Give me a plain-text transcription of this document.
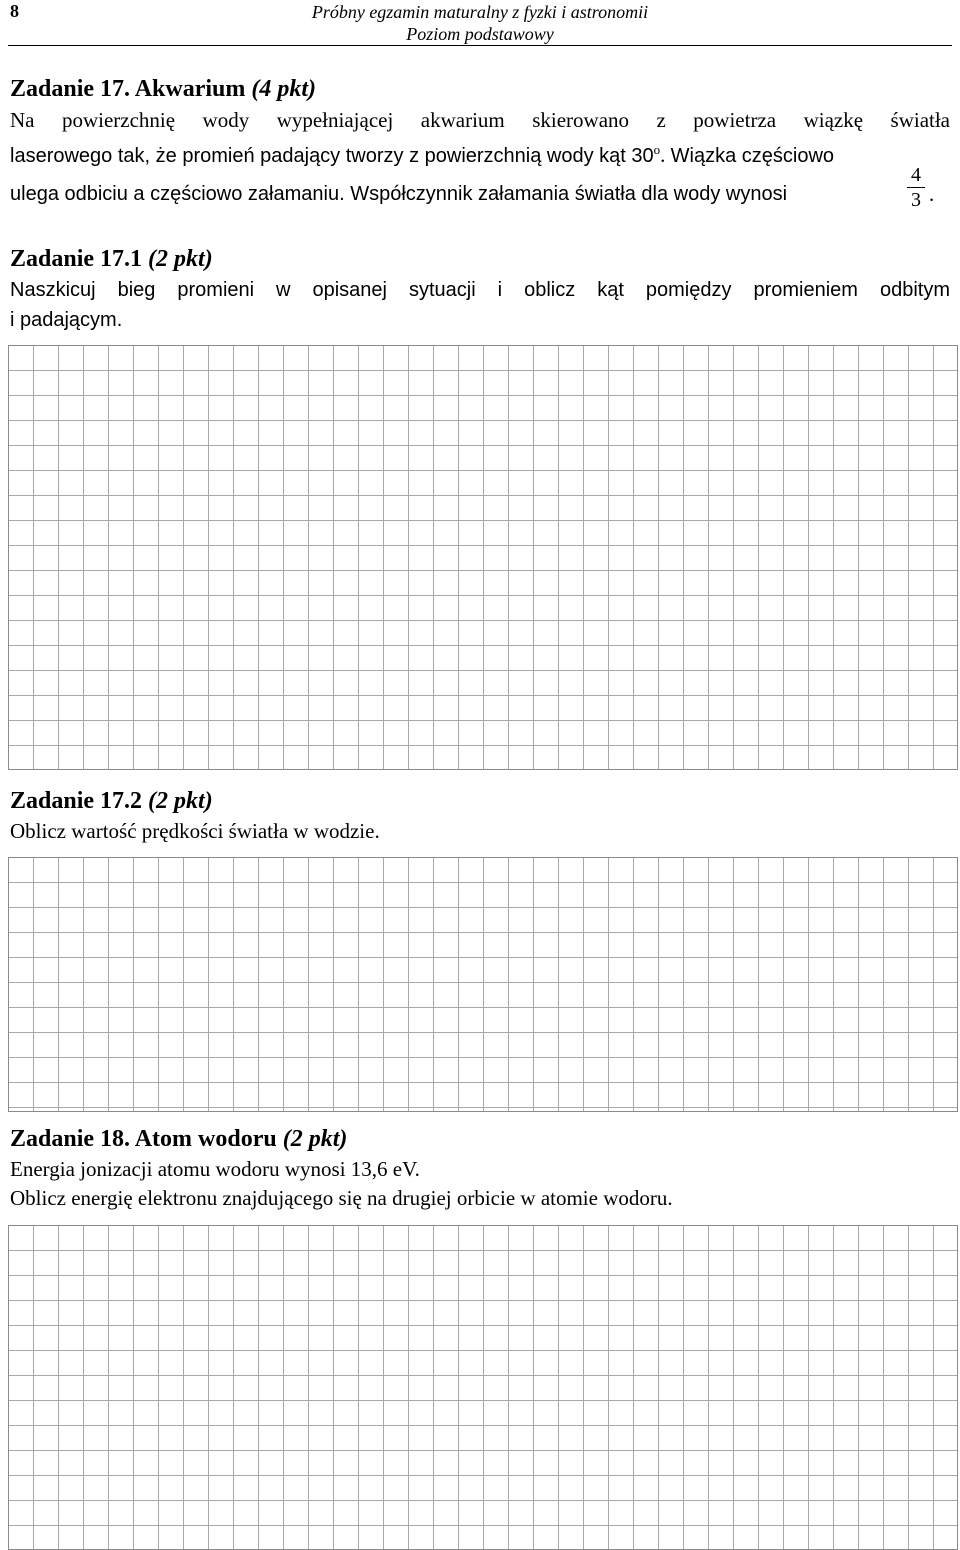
8	Próbny egzamin maturalny z fyzki i astronomii
Poziom podstawowy
Zadanie 17. Akwarium (4 pkt)
Na powierzchnię wody wypełniającej akwarium skierowano z powietrza wiązkę światła
laserowego tak, że promień padający tworzy z powierzchnią wody kąt 30$^o$. Wiązka częściowo
ulega odbiciu a częściowo załamaniu. Współczynnik załamania światła dla wody wynosi
4
3 .
Zadanie 17.1 (2 pkt)
Naszkicuj bieg promieni w opisanej sytuacji i oblicz kąt pomiędzy promieniem odbitym
i padającym.
Zadanie 17.2 (2 pkt)
Oblicz wartość prędkości światła w wodzie.
Zadanie 18. Atom wodoru (2 pkt)
Energia jonizacji atomu wodoru wynosi 13,6 eV.
Oblicz energię elektronu znajdującego się na drugiej orbicie w atomie wodoru.
